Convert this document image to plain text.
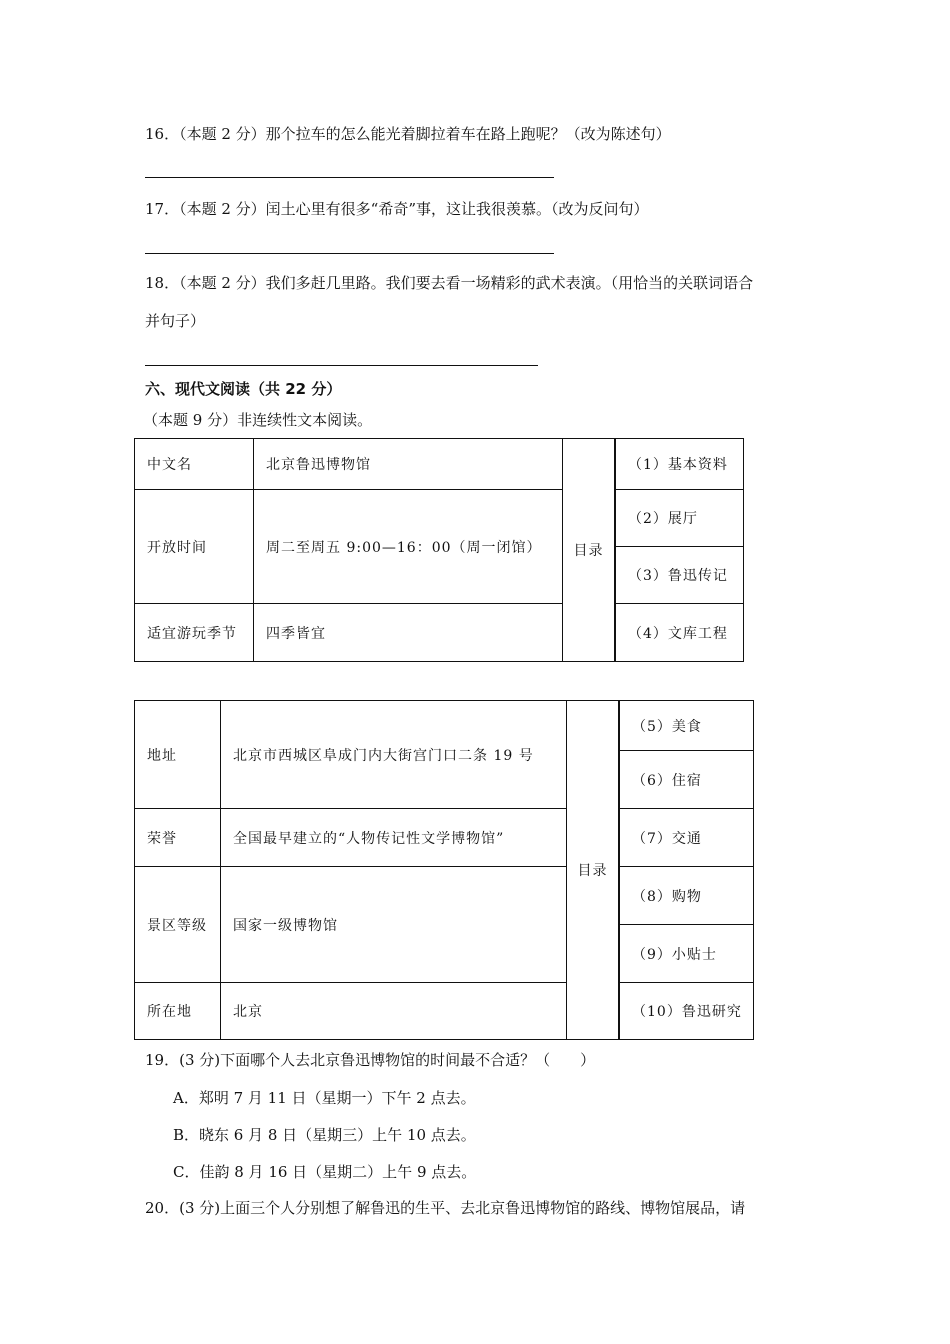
16．（本题 2 分）那个拉车的怎么能光着脚拉着车在路上跑呢？（改为陈述句）
17．（本题 2 分）闰土心里有很多“希奇”事，这让我很羡慕。（改为反问句）
18．（本题 2 分）我们多赶几里路。我们要去看一场精彩的武术表演。（用恰当的关联词语合
并句子）
六、现代文阅读（共 22 分）
（本题 9 分）非连续性文本阅读。
中文名	北京鲁迅博物馆	目录		（1）基本资料
开放时间	周二至周五 9:00—16：00（周一闭馆）		（2）展厅
			（3）鲁迅传记
适宜游玩季节	四季皆宜		（4）文库工程
地址	北京市西城区阜成门内大街宫门口二条 19 号	目录		（5）美食
			（6）住宿
荣誉	全国最早建立的“人物传记性文学博物馆”		（7）交通
景区等级	国家一级博物馆		（8）购物
			（9）小贴士
所在地	北京		（10）鲁迅研究
19．(3 分)下面哪个人去北京鲁迅博物馆的时间最不合适？（　　）
A．郑明 7 月 11 日（星期一）下午 2 点去。
B．晓东 6 月 8 日（星期三）上午 10 点去。
C．佳韵 8 月 16 日（星期二）上午 9 点去。
20．(3 分)上面三个人分别想了解鲁迅的生平、去北京鲁迅博物馆的路线、博物馆展品，请
